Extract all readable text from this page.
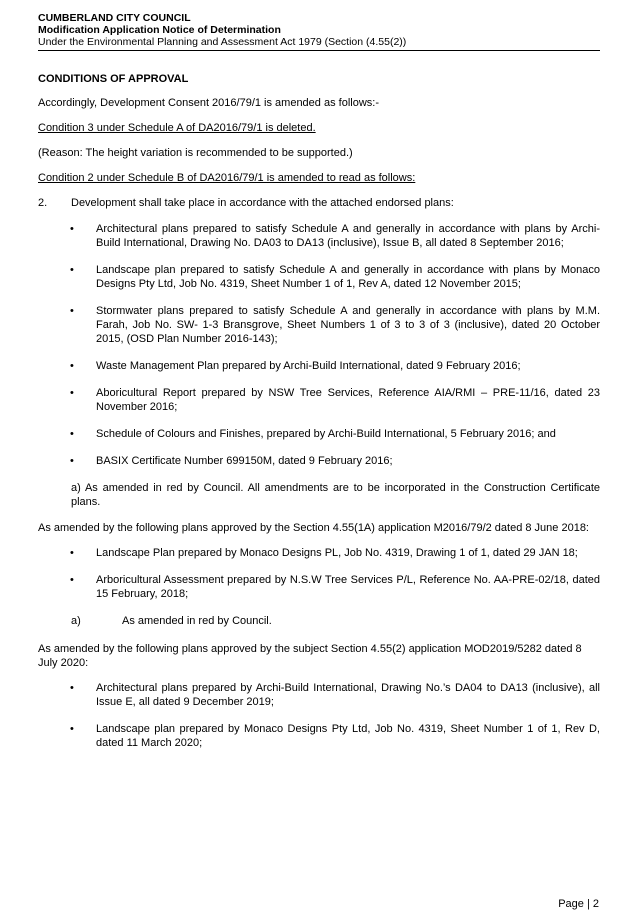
CUMBERLAND CITY COUNCIL
Modification Application Notice of Determination
Under the Environmental Planning and Assessment Act 1979 (Section (4.55(2))

CONDITIONS OF APPROVAL

Accordingly, Development Consent 2016/79/1 is amended as follows:-

Condition 3 under Schedule A of DA2016/79/1 is deleted.

(Reason: The height variation is recommended to be supported.)

Condition 2 under Schedule B of DA2016/79/1 is amended to read as follows:

2. Development shall take place in accordance with the attached endorsed plans:
• Architectural plans prepared to satisfy Schedule A and generally in accordance with plans by Archi-Build International, Drawing No. DA03 to DA13 (inclusive), Issue B, all dated 8 September 2016;
• Landscape plan prepared to satisfy Schedule A and generally in accordance with plans by Monaco Designs Pty Ltd, Job No. 4319, Sheet Number 1 of 1, Rev A, dated 12 November 2015;
• Stormwater plans prepared to satisfy Schedule A and generally in accordance with plans by M.M. Farah, Job No. SW- 1-3 Bransgrove, Sheet Numbers 1 of 3 to 3 of 3 (inclusive), dated 20 October 2015, (OSD Plan Number 2016-143);
• Waste Management Plan prepared by Archi-Build International, dated 9 February 2016;
• Aboricultural Report prepared by NSW Tree Services, Reference AIA/RMI – PRE-11/16, dated 23 November 2016;
• Schedule of Colours and Finishes, prepared by Archi-Build International, 5 February 2016; and
• BASIX Certificate Number 699150M, dated 9 February 2016;

a) As amended in red by Council. All amendments are to be incorporated in the Construction Certificate plans.

As amended by the following plans approved by the Section 4.55(1A) application M2016/79/2 dated 8 June 2018:

• Landscape Plan prepared by Monaco Designs PL, Job No. 4319, Drawing 1 of 1, dated 29 JAN 18;
• Arboricultural Assessment prepared by N.S.W Tree Services P/L, Reference No. AA-PRE-02/18, dated 15 February, 2018;
a)	As amended in red by Council.

As amended by the following plans approved by the subject Section 4.55(2) application MOD2019/5282 dated 8 July 2020:

• Architectural plans prepared by Archi-Build International, Drawing No.’s DA04 to DA13 (inclusive), all Issue E, all dated 9 December 2019;
• Landscape plan prepared by Monaco Designs Pty Ltd, Job No. 4319, Sheet Number 1 of 1, Rev D, dated 11 March 2020;
Page | 2
